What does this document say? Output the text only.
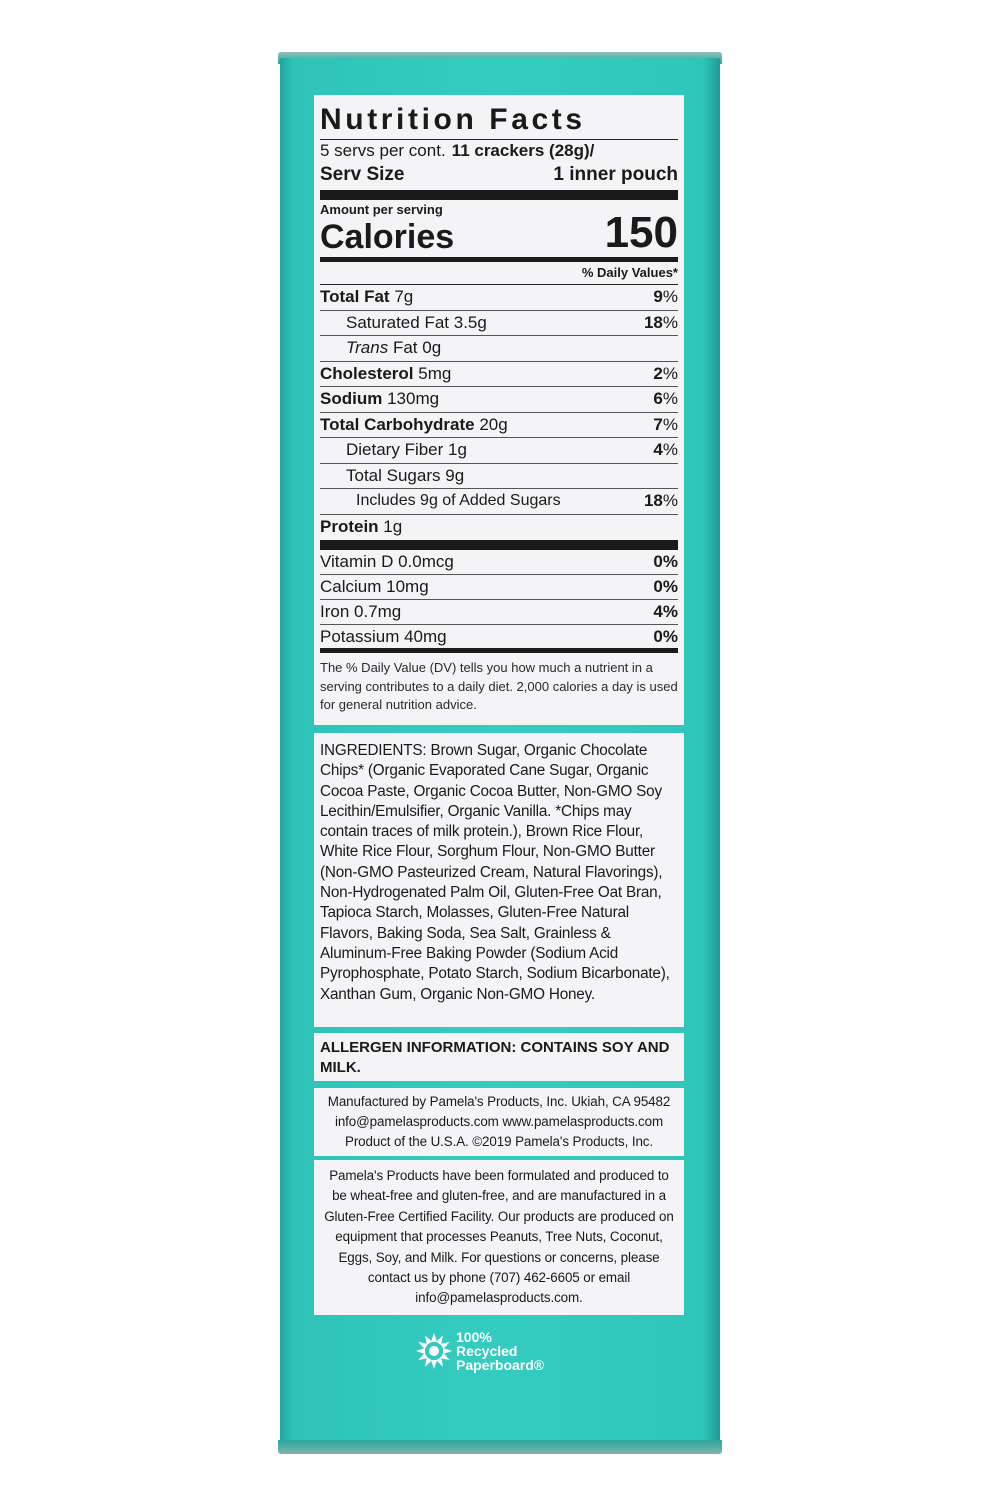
Nutrition Facts
5 servs per cont. 11 crackers (28g)/
Serv Size	1 inner pouch
Amount per serving
Calories	150
% Daily Values*
Total Fat 7g	9%
Saturated Fat 3.5g	18%
Trans Fat 0g
Cholesterol 5mg	2%
Sodium 130mg	6%
Total Carbohydrate 20g	7%
Dietary Fiber 1g	4%
Total Sugars 9g
Includes 9g of Added Sugars	18%
Protein 1g
Vitamin D 0.0mcg	0%
Calcium 10mg	0%
Iron 0.7mg	4%
Potassium 40mg	0%

The % Daily Value (DV) tells you how much a nutrient in a serving contributes to a daily diet. 2,000 calories a day is used for general nutrition advice.

INGREDIENTS: Brown Sugar, Organic Chocolate Chips* (Organic Evaporated Cane Sugar, Organic Cocoa Paste, Organic Cocoa Butter, Non-GMO Soy Lecithin/Emulsifier, Organic Vanilla. *Chips may contain traces of milk protein.), Brown Rice Flour, White Rice Flour, Sorghum Flour, Non-GMO Butter (Non-GMO Pasteurized Cream, Natural Flavorings), Non-Hydrogenated Palm Oil, Gluten-Free Oat Bran, Tapioca Starch, Molasses, Gluten-Free Natural Flavors, Baking Soda, Sea Salt, Grainless & Aluminum-Free Baking Powder (Sodium Acid Pyrophosphate, Potato Starch, Sodium Bicarbonate), Xanthan Gum, Organic Non-GMO Honey.

ALLERGEN INFORMATION: CONTAINS SOY AND MILK.

Manufactured by Pamela's Products, Inc. Ukiah, CA 95482

info@pamelasproducts.com www.pamelasproducts.com

Product of the U.S.A. ©2019 Pamela's Products, Inc.

Pamela's Products have been formulated and produced to be wheat-free and gluten-free, and are manufactured in a Gluten-Free Certified Facility. Our products are produced on equipment that processes Peanuts, Tree Nuts, Coconut, Eggs, Soy, and Milk. For questions or concerns, please contact us by phone (707) 462-6605 or email info@pamelasproducts.com.

100%
Recycled
Paperboard®
